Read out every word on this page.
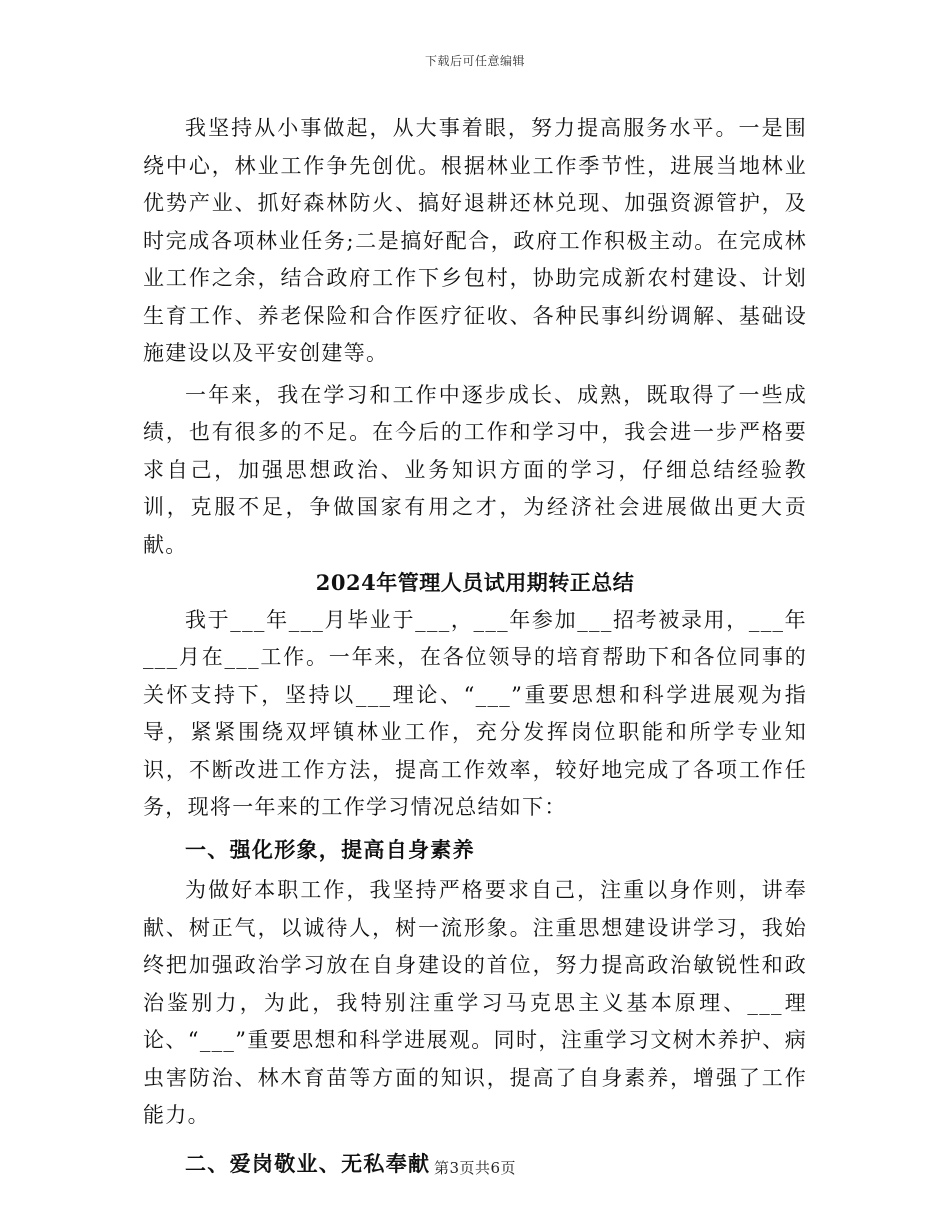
下载后可任意编辑

我坚持从小事做起，从大事着眼，努力提高服务水平。一是围绕中心，林业工作争先创优。根据林业工作季节性，进展当地林业优势产业、抓好森林防火、搞好退耕还林兑现、加强资源管护，及时完成各项林业任务;二是搞好配合，政府工作积极主动。在完成林业工作之余，结合政府工作下乡包村，协助完成新农村建设、计划生育工作、养老保险和合作医疗征收、各种民事纠纷调解、基础设施建设以及平安创建等。

一年来，我在学习和工作中逐步成长、成熟，既取得了一些成绩，也有很多的不足。在今后的工作和学习中，我会进一步严格要求自己，加强思想政治、业务知识方面的学习，仔细总结经验教训，克服不足，争做国家有用之才，为经济社会进展做出更大贡献。

2024年管理人员试用期转正总结

我于___年___月毕业于___，___年参加___招考被录用，___年___月在___工作。一年来，在各位领导的培育帮助下和各位同事的关怀支持下，坚持以___理论、“___”重要思想和科学进展观为指导，紧紧围绕双坪镇林业工作，充分发挥岗位职能和所学专业知识，不断改进工作方法，提高工作效率，较好地完成了各项工作任务，现将一年来的工作学习情况总结如下：

一、强化形象，提高自身素养

为做好本职工作，我坚持严格要求自己，注重以身作则，讲奉献、树正气，以诚待人，树一流形象。注重思想建设讲学习，我始终把加强政治学习放在自身建设的首位，努力提高政治敏锐性和政治鉴别力，为此，我特别注重学习马克思主义基本原理、___理论、“___”重要思想和科学进展观。同时，注重学习文树木养护、病虫害防治、林木育苗等方面的知识，提高了自身素养，增强了工作能力。

二、爱岗敬业、无私奉献 第3页共6页
